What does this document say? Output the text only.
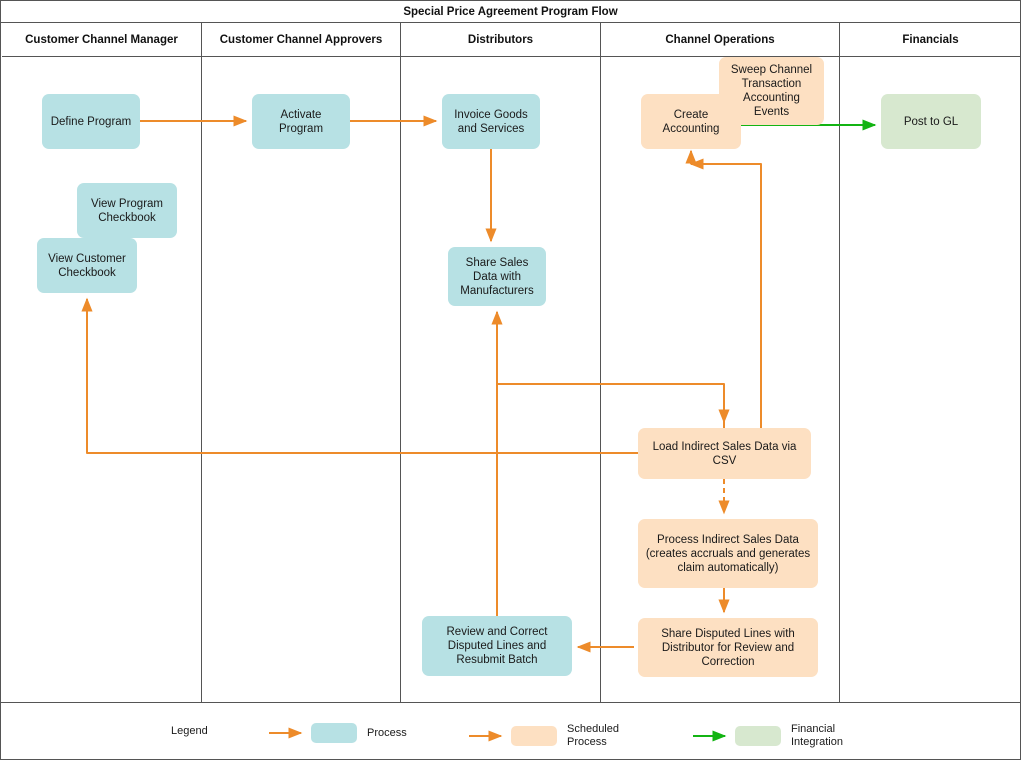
Special Price Agreement Program Flow
Customer Channel Manager	Customer Channel Approvers	Distributors	Channel Operations	Financials
Define Program
View Program Checkbook
View Customer Checkbook
Activate Program
Invoice Goods and Services
Share Sales Data with Manufacturers
Review and Correct Disputed Lines and Resubmit Batch
Sweep Channel Transaction Accounting Events
Create Accounting
Load Indirect Sales Data via CSV
Process Indirect Sales Data (creates accruals and generates claim automatically)
Share Disputed Lines with Distributor for Review and Correction
Post to GL
Legend	Process	Scheduled Process
Financial Integration
